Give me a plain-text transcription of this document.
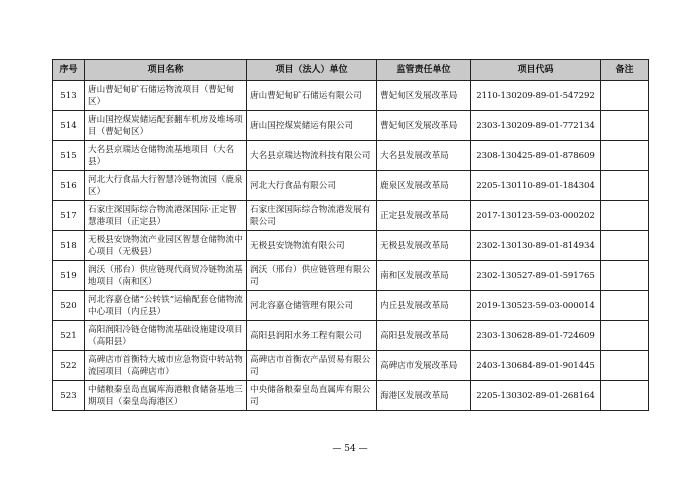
序号	项目名称	项目（法人）单位	监管责任单位	项目代码	备注
513	唐山曹妃甸矿石储运物流项目（曹妃甸区）	唐山曹妃甸矿石储运有限公司	曹妃甸区发展改革局	2110-130209-89-01-547292	
514	唐山国控煤炭储运配套翻车机房及堆场项目（曹妃甸区）	唐山国控煤炭储运有限公司	曹妃甸区发展改革局	2303-130209-89-01-772134	
515	大名县京瑞达仓储物流基地项目（大名县）	大名县京瑞达物流科技有限公司	大名县发展改革局	2308-130425-89-01-878609	
516	河北大行食品大行智慧冷链物流园（鹿泉区）	河北大行食品有限公司	鹿泉区发展改革局	2205-130110-89-01-184304	
517	石家庄深国际综合物流港深国际·正定智慧港项目（正定县）	石家庄深国际综合物流港发展有限公司	正定县发展改革局	2017-130123-59-03-000202	
518	无极县安饶物流产业园区智慧仓储物流中心项目（无极县）	无极县安饶物流有限公司	无极县发展改革局	2302-130130-89-01-814934	
519	润沃（邢台）供应链现代商贸冷链物流基地项目（南和区）	润沃（邢台）供应链管理有限公司	南和区发展改革局	2302-130527-89-01-591765	
520	河北容嘉仓储“公转铁”运输配套仓储物流中心项目（内丘县）	河北容嘉仓储管理有限公司	内丘县发展改革局	2019-130523-59-03-000014	
521	高阳润阳冷链仓储物流基础设施建设项目（高阳县）	高阳县润阳水务工程有限公司	高阳县发展改革局	2303-130628-89-01-724609	
522	高碑店市首衡特大城市应急物资中转站物流园项目（高碑店市）	高碑店市首衡农产品贸易有限公司	高碑店市发展改革局	2403-130684-89-01-901445	
523	中储粮秦皇岛直属库海港粮食储备基地三期项目（秦皇岛海港区）	中央储备粮秦皇岛直属库有限公司	海港区发展改革局	2205-130302-89-01-268164	
— 54 —
